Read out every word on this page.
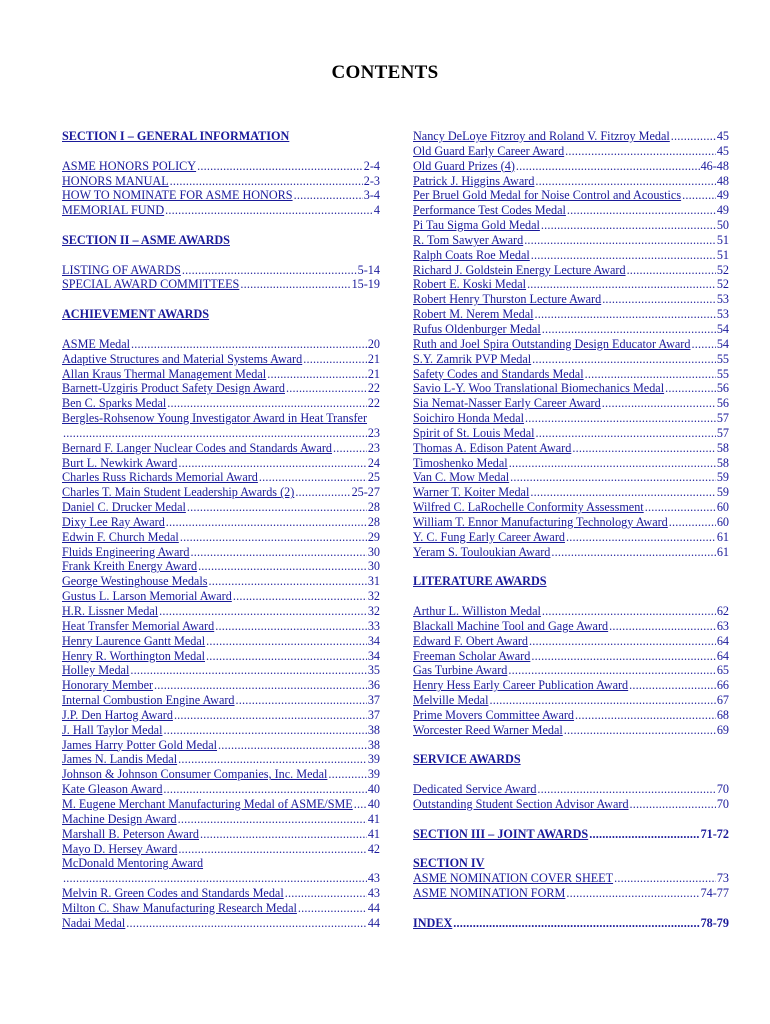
CONTENTS
SECTION I – GENERAL INFORMATION
ASME HONORS POLICY .....	2-4
HONORS MANUAL .....	2-3
HOW TO NOMINATE FOR ASME HONORS .....	3-4
MEMORIAL FUND .....	4
SECTION II – ASME AWARDS
LISTING OF AWARDS .....	5-14
SPECIAL AWARD COMMITTEES .....	15-19
ACHIEVEMENT AWARDS
ASME Medal .....	20
Adaptive Structures and Material Systems Award .....	21
Allan Kraus Thermal Management Medal .....	21
Barnett-Uzgiris Product Safety Design Award .....	22
Ben C. Sparks Medal .....	22
Bergles-Rohsenow Young Investigator Award in Heat Transfer
.....
23
Bernard F. Langer Nuclear Codes and Standards Award .....	23
Burt L. Newkirk Award .....	24
Charles Russ Richards Memorial Award .....	25
Charles T. Main Student Leadership Awards (2) .....	25-27
Daniel C. Drucker Medal .....	28
Dixy Lee Ray Award .....	28
Edwin F. Church Medal .....	29
Fluids Engineering Award .....	30
Frank Kreith Energy Award .....	30
George Westinghouse Medals .....	31
Gustus L. Larson Memorial Award .....	32
H.R. Lissner Medal .....	32
Heat Transfer Memorial Award .....	33
Henry Laurence Gantt Medal .....	34
Henry R. Worthington Medal .....	34
Holley Medal .....	35
Honorary Member .....	36
Internal Combustion Engine Award .....	37
J.P. Den Hartog Award .....	37
J. Hall Taylor Medal .....	38
James Harry Potter Gold Medal .....	38
James N. Landis Medal .....	39
Johnson & Johnson Consumer Companies, Inc. Medal .....	39
Kate Gleason Award .....	40
M. Eugene Merchant Manufacturing Medal of ASME/SME ..... 40
Machine Design Award .....	41
Marshall B. Peterson Award .....	41
Mayo D. Hersey Award .....	42
McDonald Mentoring Award
.....
43
Melvin R. Green Codes and Standards Medal .....	43
Milton C. Shaw Manufacturing Research Medal .....	44
Nadai Medal .....	44
Nancy DeLoye Fitzroy and Roland V. Fitzroy Medal .....	45
Old Guard Early Career Award .....	45
Old Guard Prizes (4) .....	46-48
Patrick J. Higgins Award .....	48
Per Bruel Gold Medal for Noise Control and Acoustics .....	49
Performance Test Codes Medal .....	49
Pi Tau Sigma Gold Medal .....	50
R. Tom Sawyer Award .....	51
Ralph Coats Roe Medal .....	51
Richard J. Goldstein Energy Lecture Award .....	52
Robert E. Koski Medal .....	52
Robert Henry Thurston Lecture Award .....	53
Robert M. Nerem Medal .....	53
Rufus Oldenburger Medal .....	54
Ruth and Joel Spira Outstanding Design Educator Award ..... 54
S.Y. Zamrik PVP Medal .....	55
Safety Codes and Standards Medal .....	55
Savio L-Y. Woo Translational Biomechanics Medal .....	56
Sia Nemat-Nasser Early Career Award .....	56
Soichiro Honda Medal .....	57
Spirit of St. Louis Medal .....	57
Thomas A. Edison Patent Award .....	58
Timoshenko Medal .....	58
Van C. Mow Medal .....	59
Warner T. Koiter Medal .....	59
Wilfred C. LaRochelle Conformity Assessment .....	60
William T. Ennor Manufacturing Technology Award .....	60
Y. C. Fung Early Career Award .....	61
Yeram S. Touloukian Award .....	61
LITERATURE AWARDS
Arthur L. Williston Medal .....	62
Blackall Machine Tool and Gage Award .....	63
Edward F. Obert Award .....	64
Freeman Scholar Award .....	64
Gas Turbine Award .....	65
Henry Hess Early Career Publication Award .....	66
Melville Medal .....	67
Prime Movers Committee Award .....	68
Worcester Reed Warner Medal .....	69
SERVICE AWARDS
Dedicated Service Award .....	70
Outstanding Student Section Advisor Award .....	70
SECTION III – JOINT AWARDS .....	71-72
SECTION IV
ASME NOMINATION COVER SHEET .....	73
ASME NOMINATION FORM .....	74-77
INDEX .....	78-79
